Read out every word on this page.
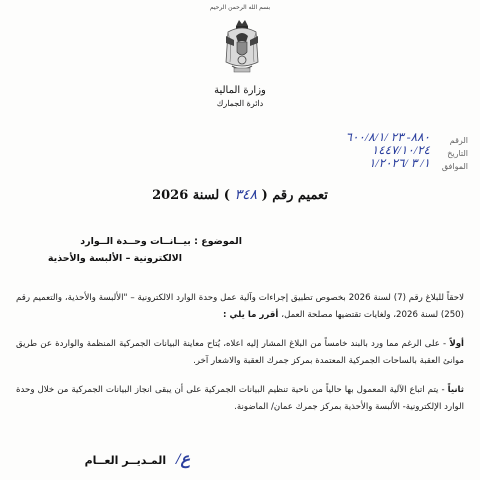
بسم الله الرحمن الرحيم
وزارة المالية
دائرة الجمارك
الرقم
٨٨٠- ٢٣ /٦٠٠/٨/١
التاريخ
١٤٤٧/١٠/٢٤
الموافق
١/ ٣ /١/٢٠٢٦
تعميم رقم ( ٣٤٨ ) لسنة 2026
الموضوع : بيــانــات وحــدة الــوارد
الالكترونية – الألبسة والأحذية

لاحقاً للبلاغ رقم (7) لسنة 2026 بخصوص تطبيق إجراءات وآلية عمل وحدة الوارد الالكترونية – "الألبسة والأحذية، والتعميم رقم (250) لسنة 2026، ولغايات تقتضيها مصلحة العمل، أقرر ما يلي :

أولاً - على الرغم مما ورد بالبند خامساً من البلاغ المشار إليه اعلاه، يُتاح معاينة البيانات الجمركية المنظمة والواردة عن طريق موانئ العقبة بالساحات الجمركية المعتمدة بمركز جمرك العقبة والاشعار آخر.

ثانياً - يتم اتباع الآلية المعمول بها حالياً من ناحية تنظيم البيانات الجمركية على أن يبقى انجاز البيانات الجمركية من خلال وحدة الوارد الإلكترونية- الألبسة والأحذية بمركز جمرك عمان/ الماضونة.

ع/ المـديــر العــام
